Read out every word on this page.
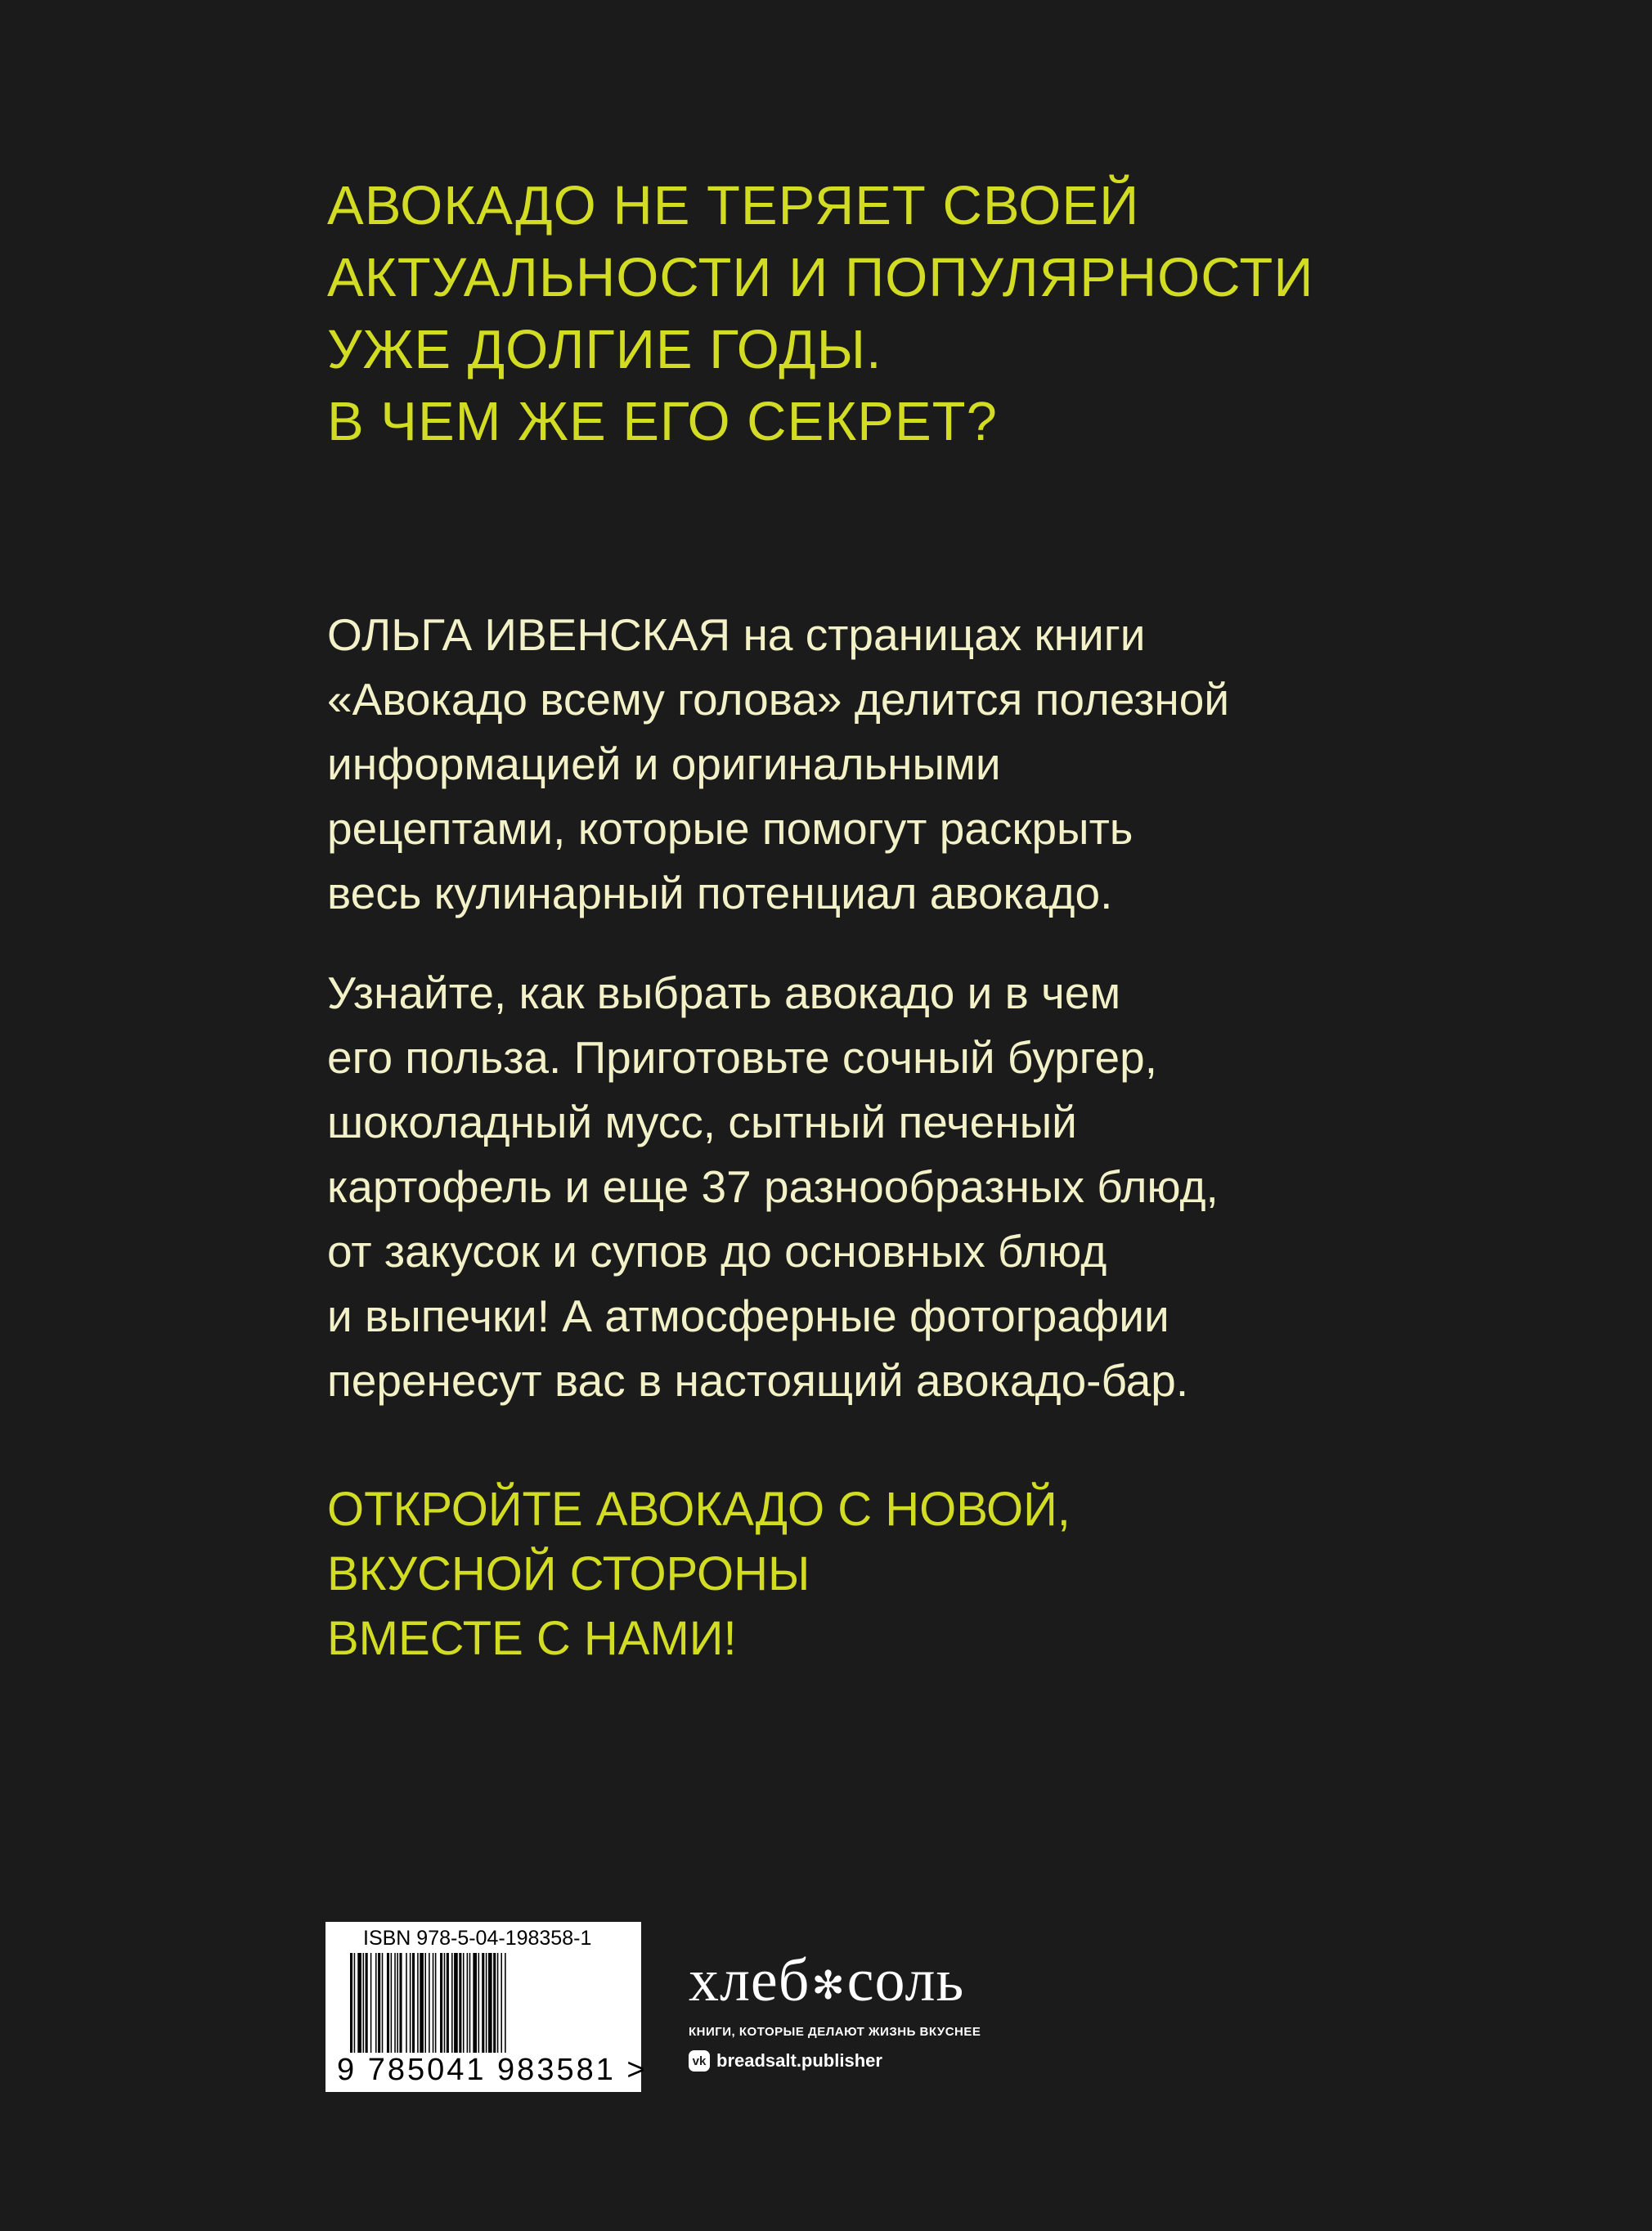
АВОКАДО НЕ ТЕРЯЕТ СВОЕЙ
АКТУАЛЬНОСТИ И ПОПУЛЯРНОСТИ
УЖЕ ДОЛГИЕ ГОДЫ.
В ЧЕМ ЖЕ ЕГО СЕКРЕТ?
ОЛЬГА ИВЕНСКАЯ на страницах книги
«Авокадо всему голова» делится полезной
информацией и оригинальными
рецептами, которые помогут раскрыть
весь кулинарный потенциал авокадо.
Узнайте, как выбрать авокадо и в чем
его польза. Приготовьте сочный бургер,
шоколадный мусс, сытный печеный
картофель и еще 37 разнообразных блюд,
от закусок и супов до основных блюд
и выпечки! А атмосферные фотографии
перенесут вас в настоящий авокадо-бар.
ОТКРОЙТЕ АВОКАДО С НОВОЙ,
ВКУСНОЙ СТОРОНЫ
ВМЕСТЕ С НАМИ!
ISBN 978-5-04-198358-1
9 785041 983581 >
хлеб✻соль
КНИГИ, КОТОРЫЕ ДЕЛАЮТ ЖИЗНЬ ВКУСНЕЕ
vk breadsalt.publisher
